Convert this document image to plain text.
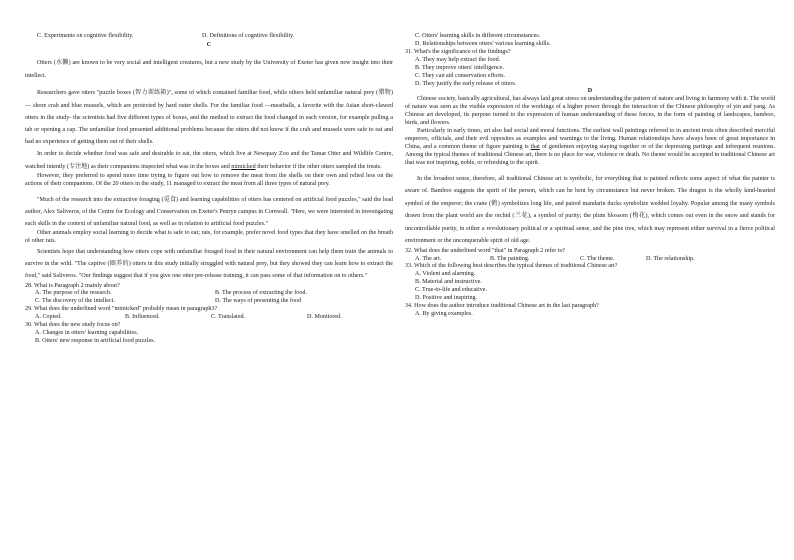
C. Experiments on cognitive flexibility.	D. Definitions of cognitive flexibility.

C

Otters (水獭) are known to be very social and intelligent creatures, but a new study by the University of Exeter has given new insight into their intellect.

Researchers gave otters "puzzle boxes (智力训练箱)", some of which contained familiar food, while others held unfamiliar natural prey (猎物) — shore crab and blue mussels, which are protected by hard outer shells. For the familiar food —meatballs, a favorite with the Asian short-clawed otters in the study- the scientists had five different types of boxes, and the method to extract the food changed in each version, for example pulling a tab or opening a cap. The unfamiliar food presented additional problems because the otters did not know if the crab and mussels were safe to eat and had no experience of getting them out of their shells.

In order to decide whether food was safe and desirable to eat, the otters, which live at Newquay Zoo and the Tamar Otter and Wildlife Centre, watched intently (专注地) as their companions inspected what was in the boxes and mimicked their behavior if the other otters sampled the treats.

However, they preferred to spend more time trying to figure out how to remove the meat from the shells on their own and relied less on the actions of their companions. Of the 20 otters in the study, 11 managed to extract the meat from all three types of natural prey.

"Much of the research into the extractive foraging (觅食) and learning capabilities of otters has centered on artificial food puzzles," said the lead author, Alex Saliveros, of the Centre for Ecology and Conservation on Exeter's Penryn campus in Cornwall. "Here, we were interested in investigating such skills in the context of unfamiliar natural food, as well as in relation to artificial food puzzles."

Other animals employ social learning to decide what is safe to eat; rats, for example, prefer novel food types that they have smelled on the breath of other rats.

Scientists hope that understanding how otters cope with unfamiliar foraged food in their natural environment can help them train the animals to survive in the wild. "The captive (圈养的) otters in this study initially struggled with natural prey, but they showed they can learn how to extract the food," said Saliveros. "Our findings suggest that if you give one otter pre-release training, it can pass some of that information on to others."

28. What is Paragraph 2 mainly about?

A. The purpose of the research.	B. The process of extracting the food.
C. The discovery of the intellect.	D. The ways of presenting the food

29. What does the underlined word "mimicked" probably mean in paragraph3?

A. Copied.	B. Influenced.	C. Translated.	D. Monitored.

30. What does the new study focus on?

A. Changes in otters' learning capabilities.

B. Otters' new response in artificial food puzzles.

C. Otters' learning skills in different circumstances.

D. Relationships between otters' various learning skills.

31. What's the significance of the findings?

A. They may help extract the food.

B. They improve otters' intelligence.

C. They can aid conservation efforts.

D. They justify the early release of otters.

D

Chinese society, basically agricultural, has always laid great stress on understanding the pattern of nature and living in harmony with it. The world of nature was seen as the visible expression of the workings of a higher power through the interaction of the Chinese philosophy of yin and yang. As Chinese art developed, its purpose turned to the expression of human understanding of these forces, in the form of painting of landscapes, bamboo, birds, and flowers.

Particularly in early times, art also had social and moral functions. The earliest wall paintings referred to in ancient texts often described merciful emperors, officials, and their evil opposites as examples and warnings to the living. Human relationships have always been of great importance in China, and a common theme of figure painting is that of gentlemen enjoying staying together or of the depressing partings and infrequent reunions. Among the typical themes of traditional Chinese art, there is no place for war, violence or death. No theme would be accepted in traditional Chinese art that was not inspiring, noble, or refreshing to the spirit.

In the broadest sense, therefore, all traditional Chinese art is symbolic, for everything that is painted reflects some aspect of what the painter is aware of. Bamboo suggests the spirit of the person, which can be bent by circumstance but never broken. The dragon is the wholly kind-hearted symbol of the emperor; the crane (鹤) symbolizes long life, and paired mandarin ducks symbolize wedded loyalty. Popular among the many symbols drawn from the plant world are the orchid (兰花), a symbol of purity; the plum blossom (梅花), which comes out even in the snow and stands for uncontrollable purity, in either a revolutionary political or a spiritual sense, and the pine tree, which may represent either survival in a fierce political environment or the unconquerable spirit of old age.

32. What does the underlined word "that" in Paragraph 2 refer to?

A. The art.	B. The painting.	C. The theme.	D. The relationship.

33. Which of the following best describes the typical themes of traditional Chinese art?

A. Violent and alarming.

B. Material and instructive.

C. True-to-life and educative.

D. Positive and inspiring.

34. How does the author introduce traditional Chinese art in the last paragraph?

A. By giving examples.
